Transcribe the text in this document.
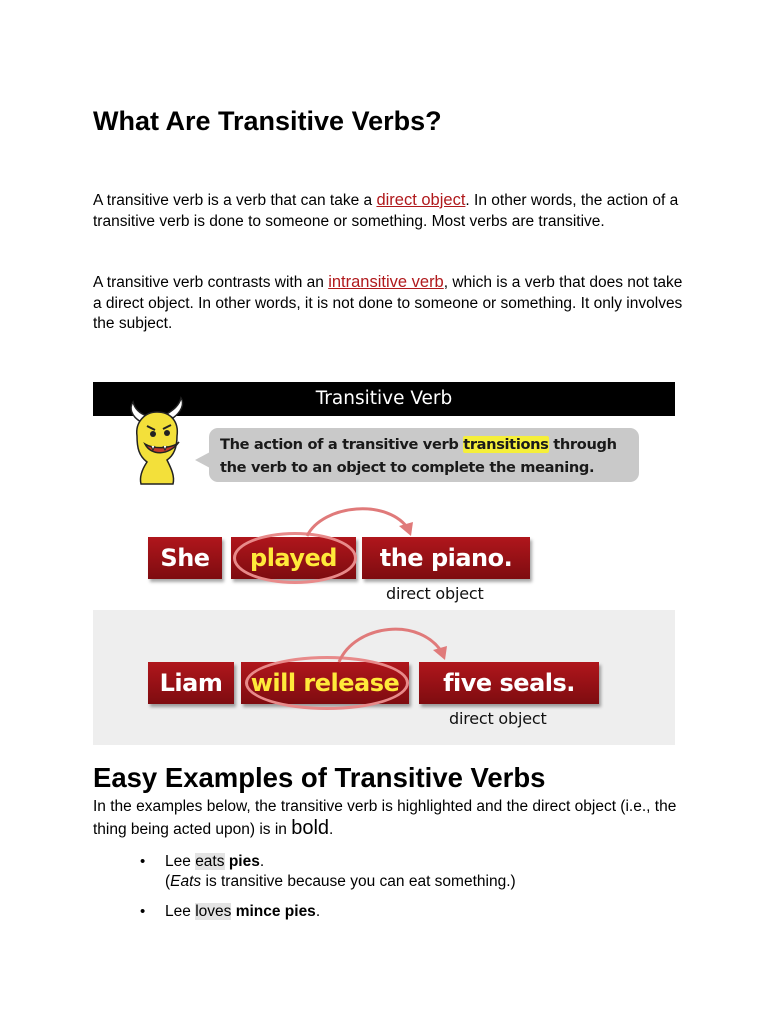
What Are Transitive Verbs?

A transitive verb is a verb that can take a direct object. In other words, the action of a transitive verb is done to someone or something. Most verbs are transitive.

A transitive verb contrasts with an intransitive verb, which is a verb that does not take a direct object. In other words, it is not done to someone or something. It only involves the subject.

Transitive Verb
The action of a transitive verb transitions through the verb to an object to complete the meaning.
She	played	the piano.
direct object
Liam	will release	five seals.
direct object
Easy Examples of Transitive Verbs

In the examples below, the transitive verb is highlighted and the direct object (i.e., the thing being acted upon) is in bold.

• Lee eats pies.
(Eats is transitive because you can eat something.)
• Lee loves mince pies.
